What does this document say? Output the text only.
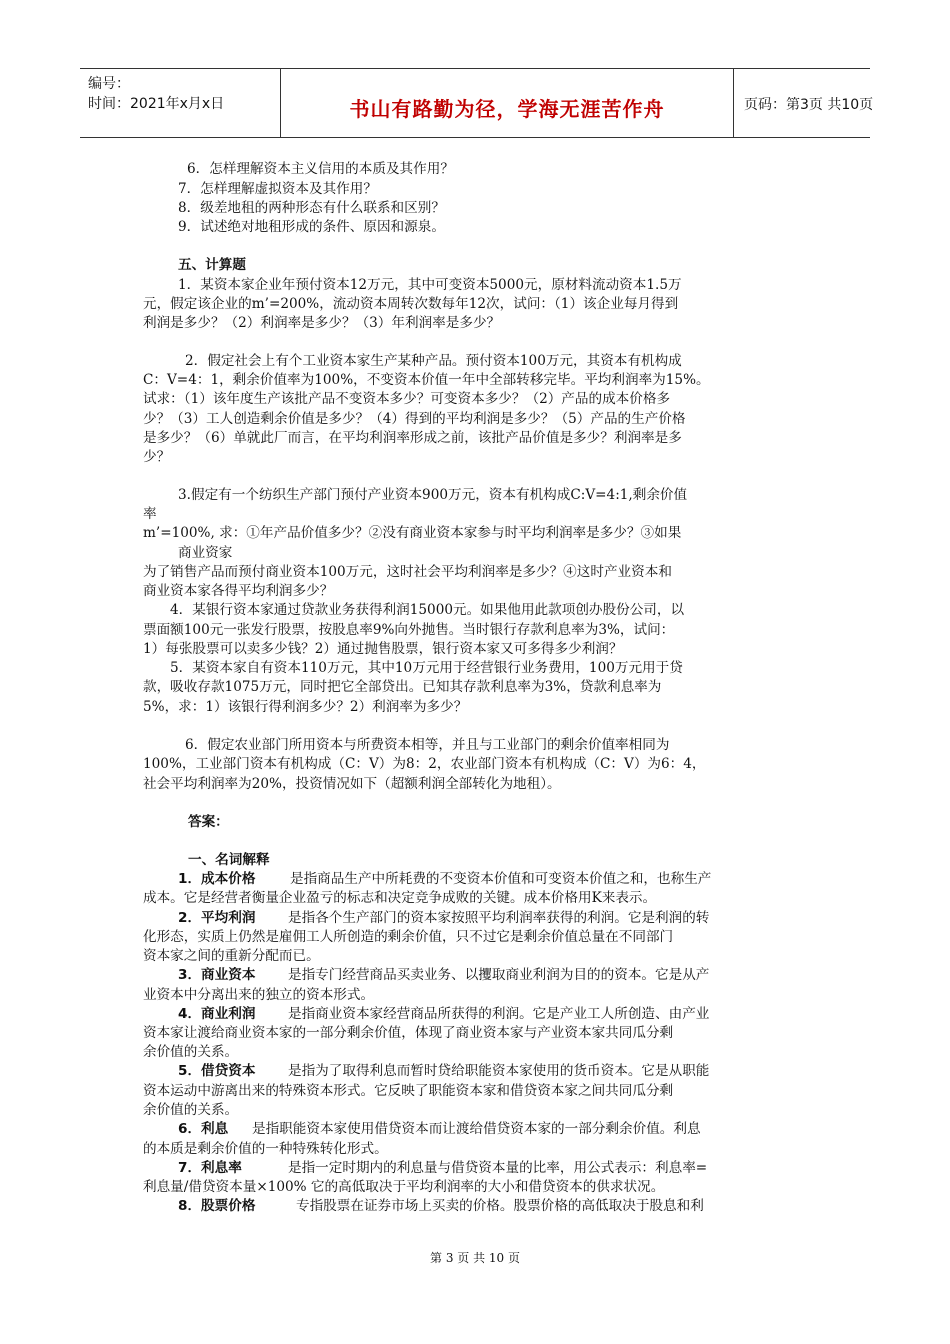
编号：
时间：2021年x月x日	书山有路勤为径，学海无涯苦作舟	页码：第3页 共10页
6．怎样理解资本主义信用的本质及其作用？
7．怎样理解虚拟资本及其作用？
8．级差地租的两种形态有什么联系和区别？
9．试述绝对地租形成的条件、原因和源泉。
五、计算题
1．某资本家企业年预付资本12万元，其中可变资本5000元，原材料流动资本1.5万
元，假定该企业的m’=200%，流动资本周转次数每年12次，试问：（1）该企业每月得到
利润是多少？（2）利润率是多少？（3）年利润率是多少？
2．假定社会上有个工业资本家生产某种产品。预付资本100万元，其资本有机构成
C：V=4：1，剩余价值率为100%，不变资本价值一年中全部转移完毕。平均利润率为15%。
试求：（1）该年度生产该批产品不变资本多少？可变资本多少？（2）产品的成本价格多
少？（3）工人创造剩余价值是多少？（4）得到的平均利润是多少？（5）产品的生产价格
是多少？（6）单就此厂而言，在平均利润率形成之前，该批产品价值是多少？利润率是多
少？
3.假定有一个纺织生产部门预付产业资本900万元，资本有机构成C:V=4:1,剩余价值
率
m’=100%, 求：①年产品价值多少？②没有商业资本家参与时平均利润率是多少？③如果
商业资家
为了销售产品而预付商业资本100万元，这时社会平均利润率是多少？④这时产业资本和
商业资本家各得平均利润多少？
4．某银行资本家通过贷款业务获得利润15000元。如果他用此款项创办股份公司，以
票面额100元一张发行股票，按股息率9%向外抛售。当时银行存款利息率为3%，试问：
1）每张股票可以卖多少钱？2）通过抛售股票，银行资本家又可多得多少利润？
5．某资本家自有资本110万元，其中10万元用于经营银行业务费用，100万元用于贷
款，吸收存款1075万元，同时把它全部贷出。已知其存款利息率为3%，贷款利息率为
5%，求：1）该银行得利润多少？2）利润率为多少？
6．假定农业部门所用资本与所费资本相等，并且与工业部门的剩余价值率相同为
100%，工业部门资本有机构成（C：V）为8：2，农业部门资本有机构成（C：V）为6：4，
社会平均利润率为20%，投资情况如下（超额利润全部转化为地租）。
答案：
一、名词解释
1．成本价格	是指商品生产中所耗费的不变资本价值和可变资本价值之和，也称生产
成本。它是经营者衡量企业盈亏的标志和决定竞争成败的关键。成本价格用K来表示。
2．平均利润 是指各个生产部门的资本家按照平均利润率获得的利润。它是利润的转
化形态，实质上仍然是雇佣工人所创造的剩余价值，只不过它是剩余价值总量在不同部门
资本家之间的重新分配而已。
3．商业资本 是指专门经营商品买卖业务、以攫取商业利润为目的的资本。它是从产
业资本中分离出来的独立的资本形式。
4．商业利润 是指商业资本家经营商品所获得的利润。它是产业工人所创造、由产业
资本家让渡给商业资本家的一部分剩余价值，体现了商业资本家与产业资本家共同瓜分剩
余价值的关系。
5．借贷资本 是指为了取得利息而暂时贷给职能资本家使用的货币资本。它是从职能
资本运动中游离出来的特殊资本形式。它反映了职能资本家和借贷资本家之间共同瓜分剩
余价值的关系。
6．利息 是指职能资本家使用借贷资本而让渡给借贷资本家的一部分剩余价值。利息
的本质是剩余价值的一种特殊转化形式。
7．利息率	是指一定时期内的利息量与借贷资本量的比率，用公式表示：利息率=
利息量/借贷资本量×100% 它的高低取决于平均利润率的大小和借贷资本的供求状况。
8．股票价格	专指股票在证券市场上买卖的价格。股票价格的高低取决于股息和利
第 3 页 共 10 页
